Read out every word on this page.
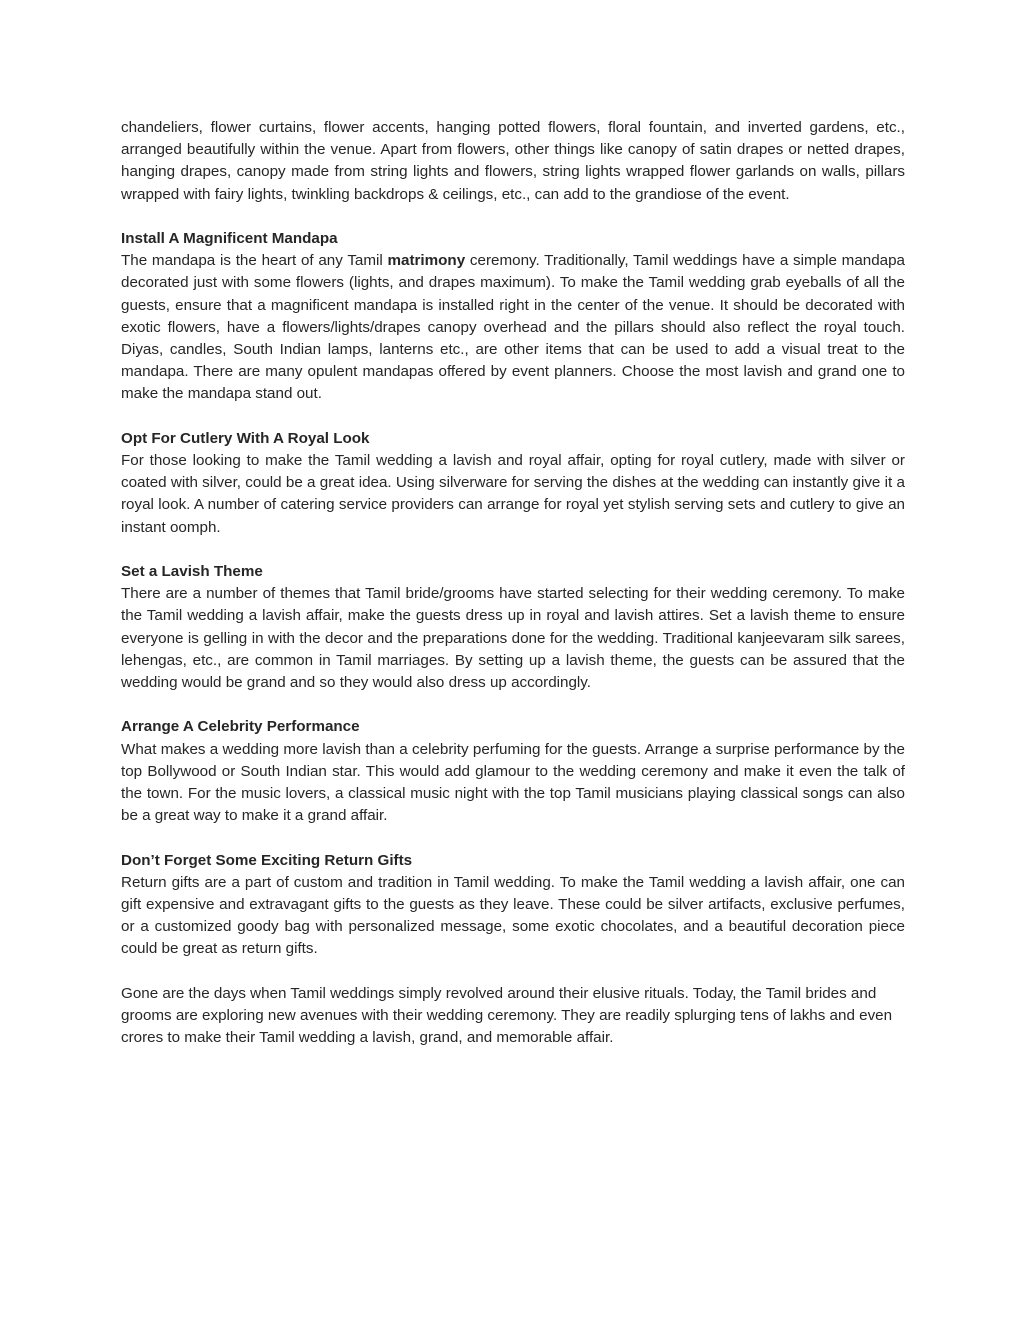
chandeliers, flower curtains, flower accents, hanging potted flowers, floral fountain, and inverted gardens, etc., arranged beautifully within the venue. Apart from flowers, other things like canopy of satin drapes or netted drapes, hanging drapes, canopy made from string lights and flowers, string lights wrapped flower garlands on walls, pillars wrapped with fairy lights, twinkling backdrops & ceilings, etc., can add to the grandiose of the event.

Install A Magnificent Mandapa

The mandapa is the heart of any Tamil matrimony ceremony. Traditionally, Tamil weddings have a simple mandapa decorated just with some flowers (lights, and drapes maximum). To make the Tamil wedding grab eyeballs of all the guests, ensure that a magnificent mandapa is installed right in the center of the venue. It should be decorated with exotic flowers, have a flowers/lights/drapes canopy overhead and the pillars should also reflect the royal touch. Diyas, candles, South Indian lamps, lanterns etc., are other items that can be used to add a visual treat to the mandapa. There are many opulent mandapas offered by event planners. Choose the most lavish and grand one to make the mandapa stand out.

Opt For Cutlery With A Royal Look

For those looking to make the Tamil wedding a lavish and royal affair, opting for royal cutlery, made with silver or coated with silver, could be a great idea. Using silverware for serving the dishes at the wedding can instantly give it a royal look. A number of catering service providers can arrange for royal yet stylish serving sets and cutlery to give an instant oomph.

Set a Lavish Theme

There are a number of themes that Tamil bride/grooms have started selecting for their wedding ceremony. To make the Tamil wedding a lavish affair, make the guests dress up in royal and lavish attires. Set a lavish theme to ensure everyone is gelling in with the decor and the preparations done for the wedding. Traditional kanjeevaram silk sarees, lehengas, etc., are common in Tamil marriages. By setting up a lavish theme, the guests can be assured that the wedding would be grand and so they would also dress up accordingly.

Arrange A Celebrity Performance

What makes a wedding more lavish than a celebrity perfuming for the guests. Arrange a surprise performance by the top Bollywood or South Indian star. This would add glamour to the wedding ceremony and make it even the talk of the town. For the music lovers, a classical music night with the top Tamil musicians playing classical songs can also be a great way to make it a grand affair.

Don’t Forget Some Exciting Return Gifts

Return gifts are a part of custom and tradition in Tamil wedding. To make the Tamil wedding a lavish affair, one can gift expensive and extravagant gifts to the guests as they leave. These could be silver artifacts, exclusive perfumes, or a customized goody bag with personalized message, some exotic chocolates, and a beautiful decoration piece could be great as return gifts.

Gone are the days when Tamil weddings simply revolved around their elusive rituals. Today, the Tamil brides and grooms are exploring new avenues with their wedding ceremony. They are readily splurging tens of lakhs and even crores to make their Tamil wedding a lavish, grand, and memorable affair.
